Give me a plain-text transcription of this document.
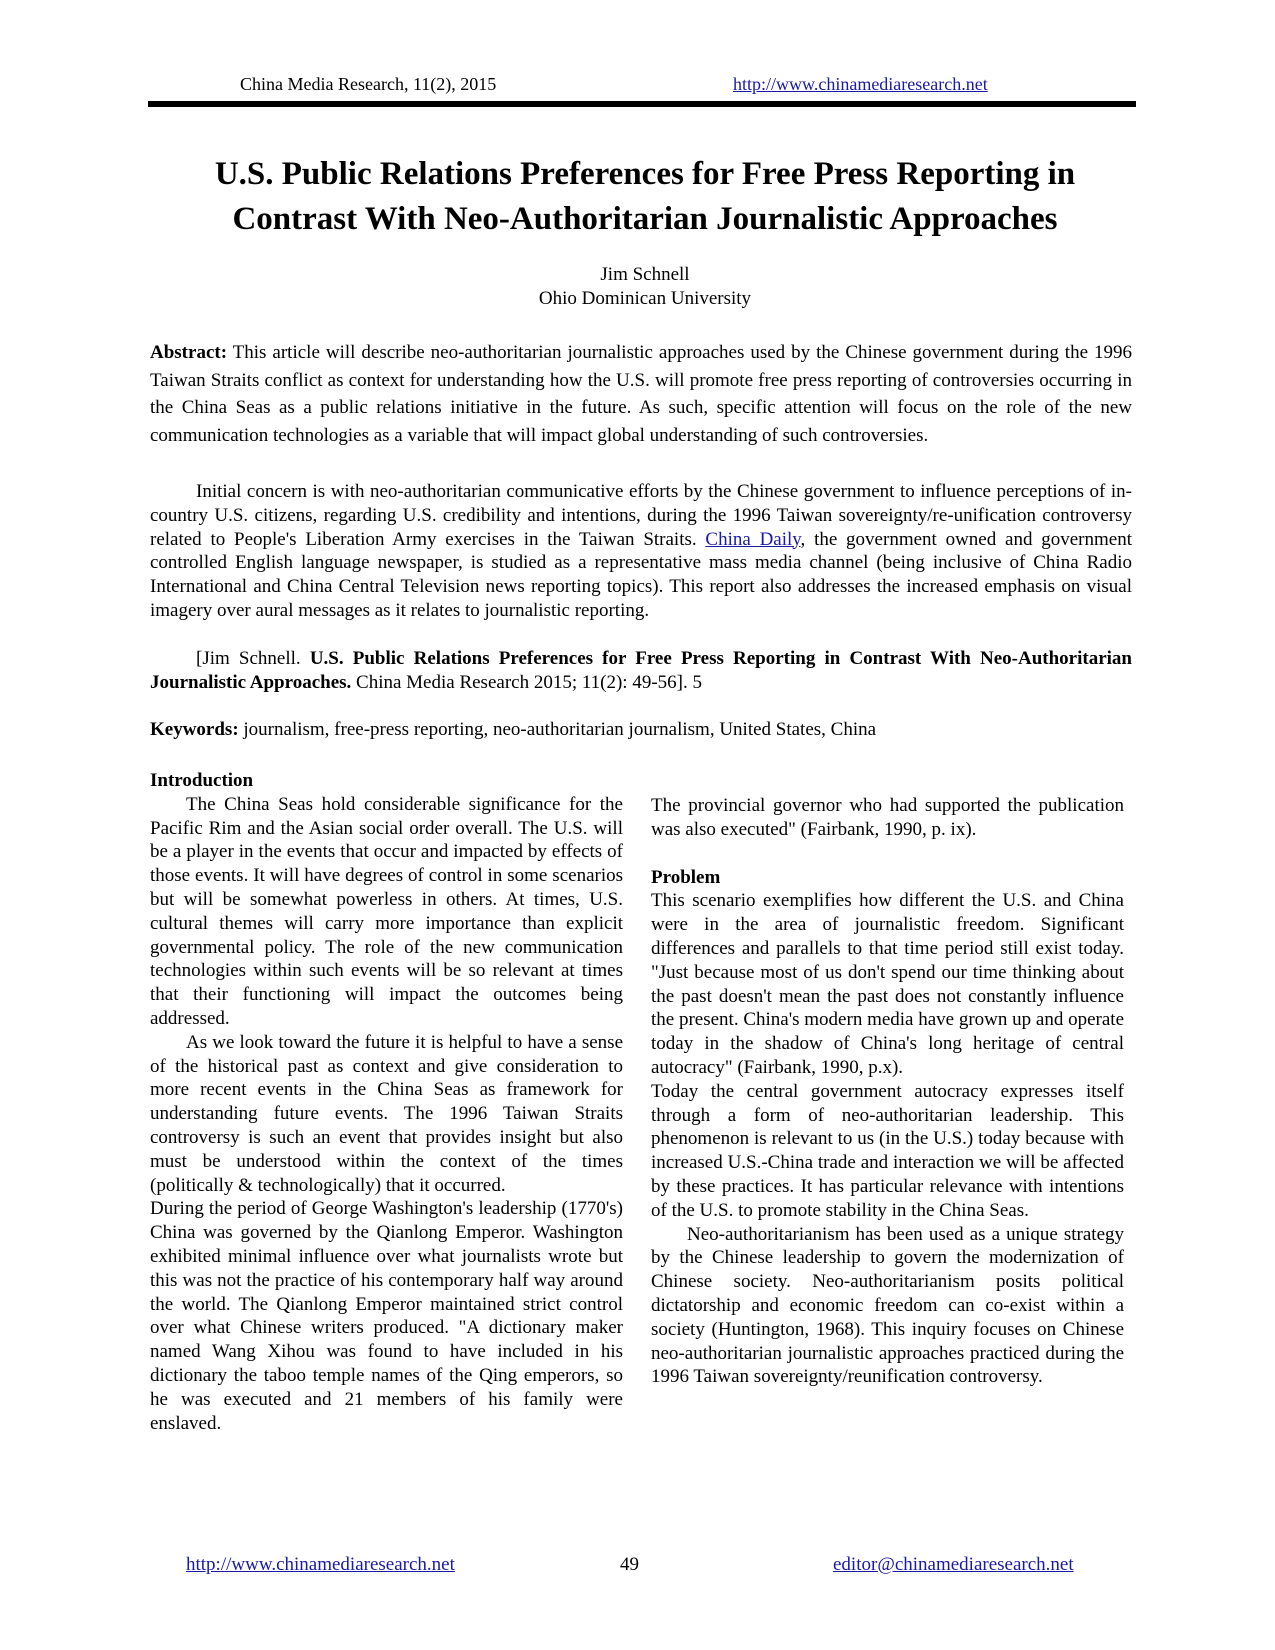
China Media Research, 11(2), 2015	http://www.chinamediaresearch.net
U.S. Public Relations Preferences for Free Press Reporting in
Contrast With Neo-Authoritarian Journalistic Approaches
Jim Schnell
Ohio Dominican University

Abstract: This article will describe neo-authoritarian journalistic approaches used by the Chinese government during the 1996 Taiwan Straits conflict as context for understanding how the U.S. will promote free press reporting of controversies occurring in the China Seas as a public relations initiative in the future. As such, specific attention will focus on the role of the new communication technologies as a variable that will impact global understanding of such controversies.

Initial concern is with neo-authoritarian communicative efforts by the Chinese government to influence perceptions of in-country U.S. citizens, regarding U.S. credibility and intentions, during the 1996 Taiwan sovereignty/re-unification controversy related to People's Liberation Army exercises in the Taiwan Straits. China Daily, the government owned and government controlled English language newspaper, is studied as a representative mass media channel (being inclusive of China Radio International and China Central Television news reporting topics). This report also addresses the increased emphasis on visual imagery over aural messages as it relates to journalistic reporting.

[Jim Schnell. U.S. Public Relations Preferences for Free Press Reporting in Contrast With Neo-Authoritarian Journalistic Approaches. China Media Research 2015; 11(2): 49-56]. 5

Keywords: journalism, free-press reporting, neo-authoritarian journalism, United States, China

Introduction

The China Seas hold considerable significance for the Pacific Rim and the Asian social order overall. The U.S. will be a player in the events that occur and impacted by effects of those events. It will have degrees of control in some scenarios but will be somewhat powerless in others. At times, U.S. cultural themes will carry more importance than explicit governmental policy. The role of the new communication technologies within such events will be so relevant at times that their functioning will impact the outcomes being addressed.

As we look toward the future it is helpful to have a sense of the historical past as context and give consideration to more recent events in the China Seas as framework for understanding future events. The 1996 Taiwan Straits controversy is such an event that provides insight but also must be understood within the context of the times (politically & technologically) that it occurred.

During the period of George Washington's leadership (1770's) China was governed by the Qianlong Emperor. Washington exhibited minimal influence over what journalists wrote but this was not the practice of his contemporary half way around the world. The Qianlong Emperor maintained strict control over what Chinese writers produced. "A dictionary maker named Wang Xihou was found to have included in his dictionary the taboo temple names of the Qing emperors, so he was executed and 21 members of his family were enslaved.

The provincial governor who had supported the publication was also executed" (Fairbank, 1990, p. ix).

Problem

This scenario exemplifies how different the U.S. and China were in the area of journalistic freedom. Significant differences and parallels to that time period still exist today. "Just because most of us don't spend our time thinking about the past doesn't mean the past does not constantly influence the present. China's modern media have grown up and operate today in the shadow of China's long heritage of central autocracy" (Fairbank, 1990, p.x).

Today the central government autocracy expresses itself through a form of neo-authoritarian leadership. This phenomenon is relevant to us (in the U.S.) today because with increased U.S.-China trade and interaction we will be affected by these practices. It has particular relevance with intentions of the U.S. to promote stability in the China Seas.

Neo-authoritarianism has been used as a unique strategy by the Chinese leadership to govern the modernization of Chinese society. Neo-authoritarianism posits political dictatorship and economic freedom can co-exist within a society (Huntington, 1968). This inquiry focuses on Chinese neo-authoritarian journalistic approaches practiced during the 1996 Taiwan sovereignty/reunification controversy.

http://www.chinamediaresearch.net	49	editor@chinamediaresearch.net
